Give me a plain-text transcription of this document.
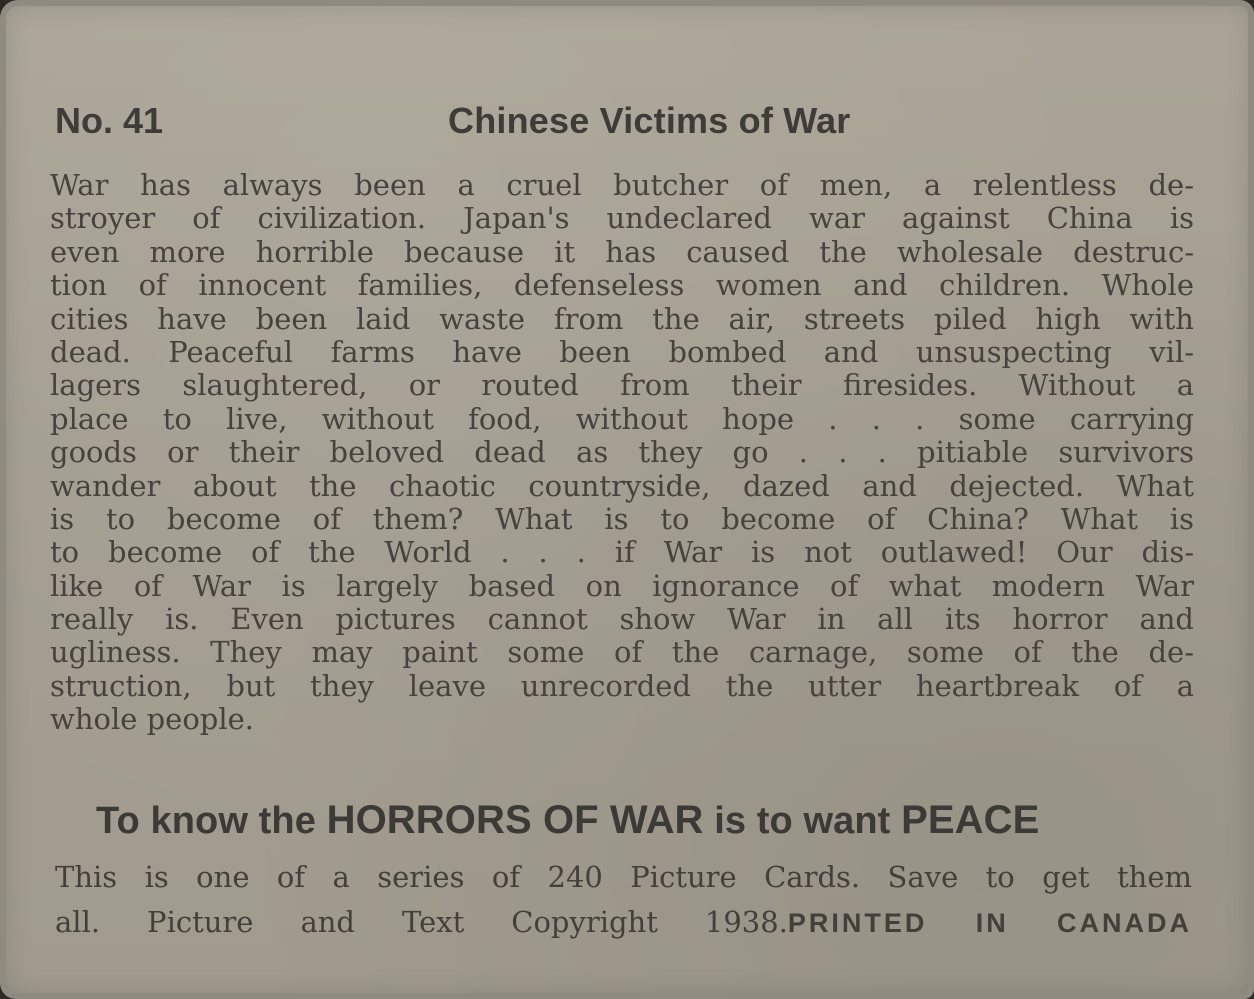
No. 41	Chinese Victims of War
War has always been a cruel butcher of men, a relentless de-
stroyer of civilization. Japan's undeclared war against China is
even more horrible because it has caused the wholesale destruc-
tion of innocent families, defenseless women and children. Whole
cities have been laid waste from the air, streets piled high with
dead. Peaceful farms have been bombed and unsuspecting vil-
lagers slaughtered, or routed from their firesides. Without a
place to live, without food, without hope . . . some carrying
goods or their beloved dead as they go . . . pitiable survivors
wander about the chaotic countryside, dazed and dejected. What
is to become of them? What is to become of China? What is
to become of the World . . . if War is not outlawed! Our dis-
like of War is largely based on ignorance of what modern War
really is. Even pictures cannot show War in all its horror and
ugliness. They may paint some of the carnage, some of the de-
struction, but they leave unrecorded the utter heartbreak of a
whole people.
To know the HORRORS OF WAR is to want PEACE
This is one of a series of 240 Picture Cards. Save to get them
all. Picture and Text Copyright 1938.PRINTED IN CANADA
